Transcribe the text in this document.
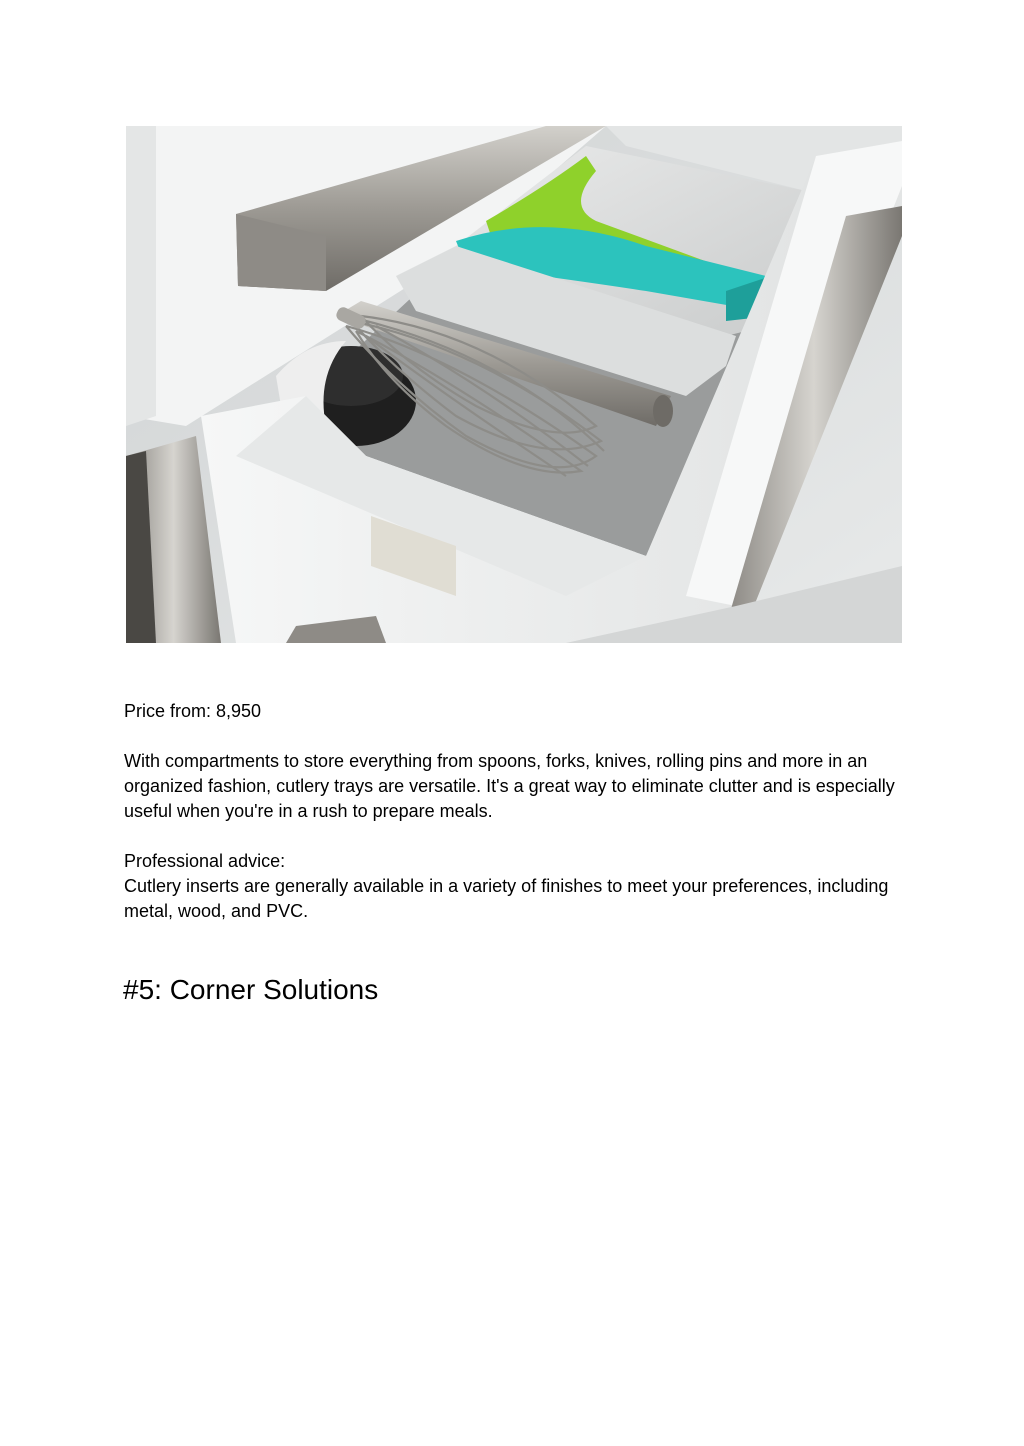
Price from: 8,950

With compartments to store everything from spoons, forks, knives, rolling pins and more in an organized fashion, cutlery trays are versatile. It's a great way to eliminate clutter and is especially useful when you're in a rush to prepare meals.

Professional advice:

Cutlery inserts are generally available in a variety of finishes to meet your preferences, including metal, wood, and PVC.

#5: Corner Solutions
